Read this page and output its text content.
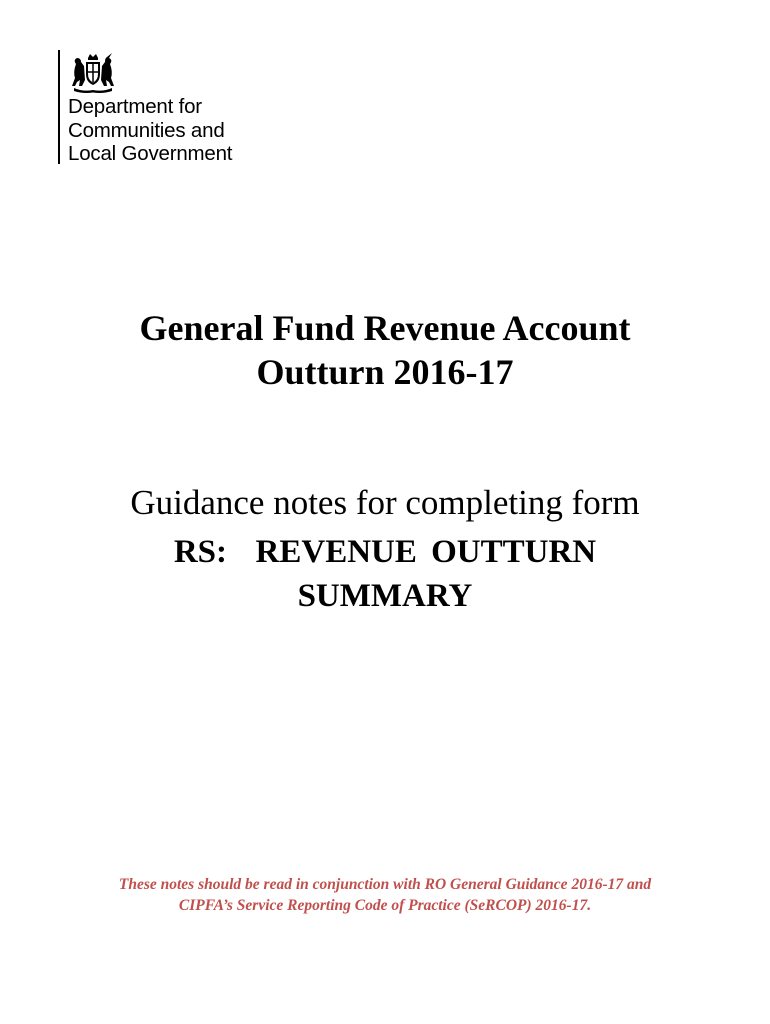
Department for
Communities and
Local Government
General Fund Revenue Account
Outturn 2016-17
Guidance notes for completing form
RS:  REVENUE OUTTURN
SUMMARY
These notes should be read in conjunction with RO General Guidance 2016-17 and
CIPFA’s Service Reporting Code of Practice (SeRCOP) 2016-17.
